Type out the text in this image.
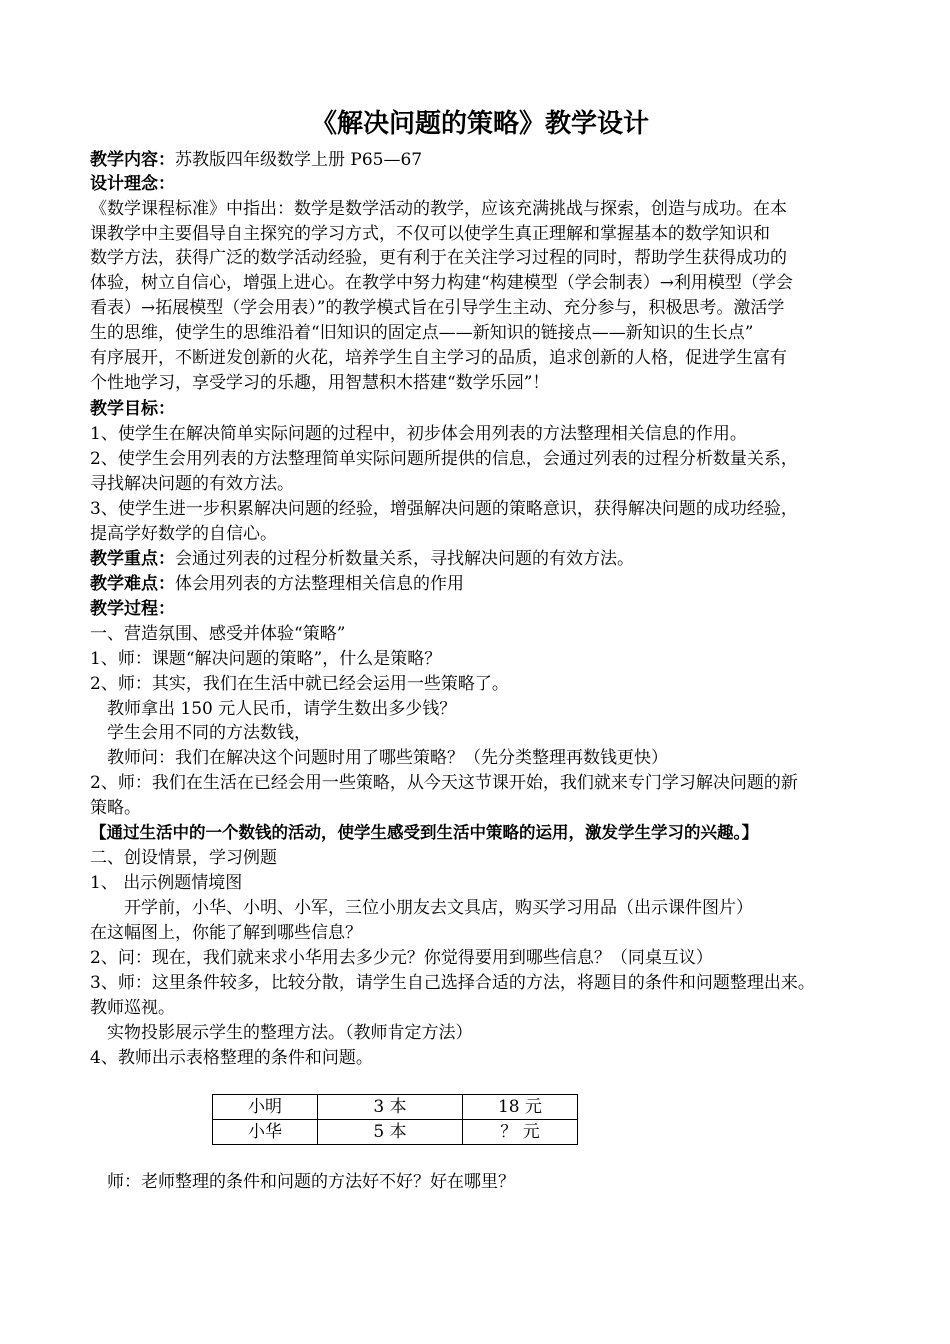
《解决问题的策略》教学设计
教学内容：苏教版四年级数学上册 P65—67
设计理念：
《数学课程标准》中指出：数学是数学活动的教学，应该充满挑战与探索，创造与成功。在本
课教学中主要倡导自主探究的学习方式，不仅可以使学生真正理解和掌握基本的数学知识和
数学方法，获得广泛的数学活动经验，更有利于在关注学习过程的同时，帮助学生获得成功的
体验，树立自信心，增强上进心。在教学中努力构建“构建模型（学会制表）→利用模型（学会
看表）→拓展模型（学会用表）”的教学模式旨在引导学生主动、充分参与，积极思考。激活学
生的思维，使学生的思维沿着“旧知识的固定点——新知识的链接点——新知识的生长点”
有序展开，不断迸发创新的火花，培养学生自主学习的品质，追求创新的人格，促进学生富有
个性地学习，享受学习的乐趣，用智慧积木搭建“数学乐园”！
教学目标：
1、使学生在解决简单实际问题的过程中，初步体会用列表的方法整理相关信息的作用。
2、使学生会用列表的方法整理简单实际问题所提供的信息，会通过列表的过程分析数量关系，
寻找解决问题的有效方法。
3、使学生进一步积累解决问题的经验，增强解决问题的策略意识，获得解决问题的成功经验，
提高学好数学的自信心。
教学重点：会通过列表的过程分析数量关系，寻找解决问题的有效方法。
教学难点：体会用列表的方法整理相关信息的作用
教学过程：
一、营造氛围、感受并体验“策略”
1、师：课题“解决问题的策略”，什么是策略？
2、师：其实，我们在生活中就已经会运用一些策略了。
　教师拿出 150 元人民币，请学生数出多少钱？
　学生会用不同的方法数钱，
　教师问：我们在解决这个问题时用了哪些策略？（先分类整理再数钱更快）
2、师：我们在生活在已经会用一些策略，从今天这节课开始，我们就来专门学习解决问题的新
策略。
【通过生活中的一个数钱的活动，使学生感受到生活中策略的运用，激发学生学习的兴趣。】
二、创设情景，学习例题
1、 出示例题情境图
　　开学前，小华、小明、小军，三位小朋友去文具店，购买学习用品（出示课件图片）
在这幅图上，你能了解到哪些信息？
2、问：现在，我们就来求小华用去多少元？你觉得要用到哪些信息？（同桌互议）
3、师：这里条件较多，比较分散，请学生自己选择合适的方法，将题目的条件和问题整理出来。
教师巡视。
　实物投影展示学生的整理方法。（教师肯定方法）
4、教师出示表格整理的条件和问题。
小明	3 本	18 元
小华	5 本	？ 元
　师：老师整理的条件和问题的方法好不好？好在哪里？
